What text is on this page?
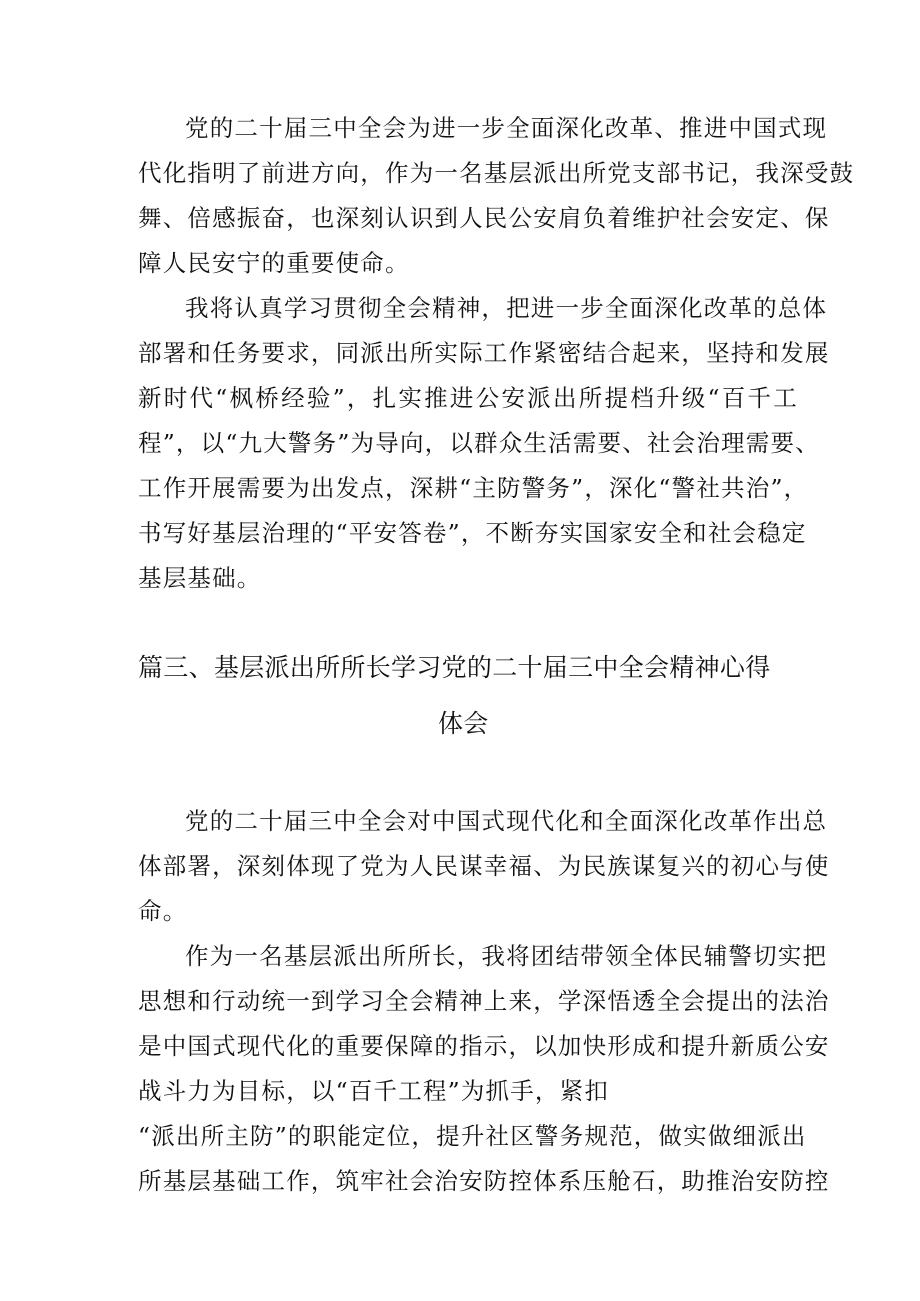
党的二十届三中全会为进一步全面深化改革、推进中国式现
代化指明了前进方向，作为一名基层派出所党支部书记，我深受鼓
舞、倍感振奋，也深刻认识到人民公安肩负着维护社会安定、保
障人民安宁的重要使命。
我将认真学习贯彻全会精神，把进一步全面深化改革的总体
部署和任务要求，同派出所实际工作紧密结合起来，坚持和发展
新时代“枫桥经验”，扎实推进公安派出所提档升级“百千工
程”，以“九大警务”为导向，以群众生活需要、社会治理需要、
工作开展需要为出发点，深耕“主防警务”，深化“警社共治”，
书写好基层治理的“平安答卷”，不断夯实国家安全和社会稳定
基层基础。
篇三、基层派出所所长学习党的二十届三中全会精神心得
体会
党的二十届三中全会对中国式现代化和全面深化改革作出总
体部署，深刻体现了党为人民谋幸福、为民族谋复兴的初心与使
命。
作为一名基层派出所所长，我将团结带领全体民辅警切实把
思想和行动统一到学习全会精神上来，学深悟透全会提出的法治
是中国式现代化的重要保障的指示，以加快形成和提升新质公安
战斗力为目标，以“百千工程”为抓手，紧扣
“派出所主防”的职能定位，提升社区警务规范，做实做细派出
所基层基础工作，筑牢社会治安防控体系压舱石，助推治安防控
